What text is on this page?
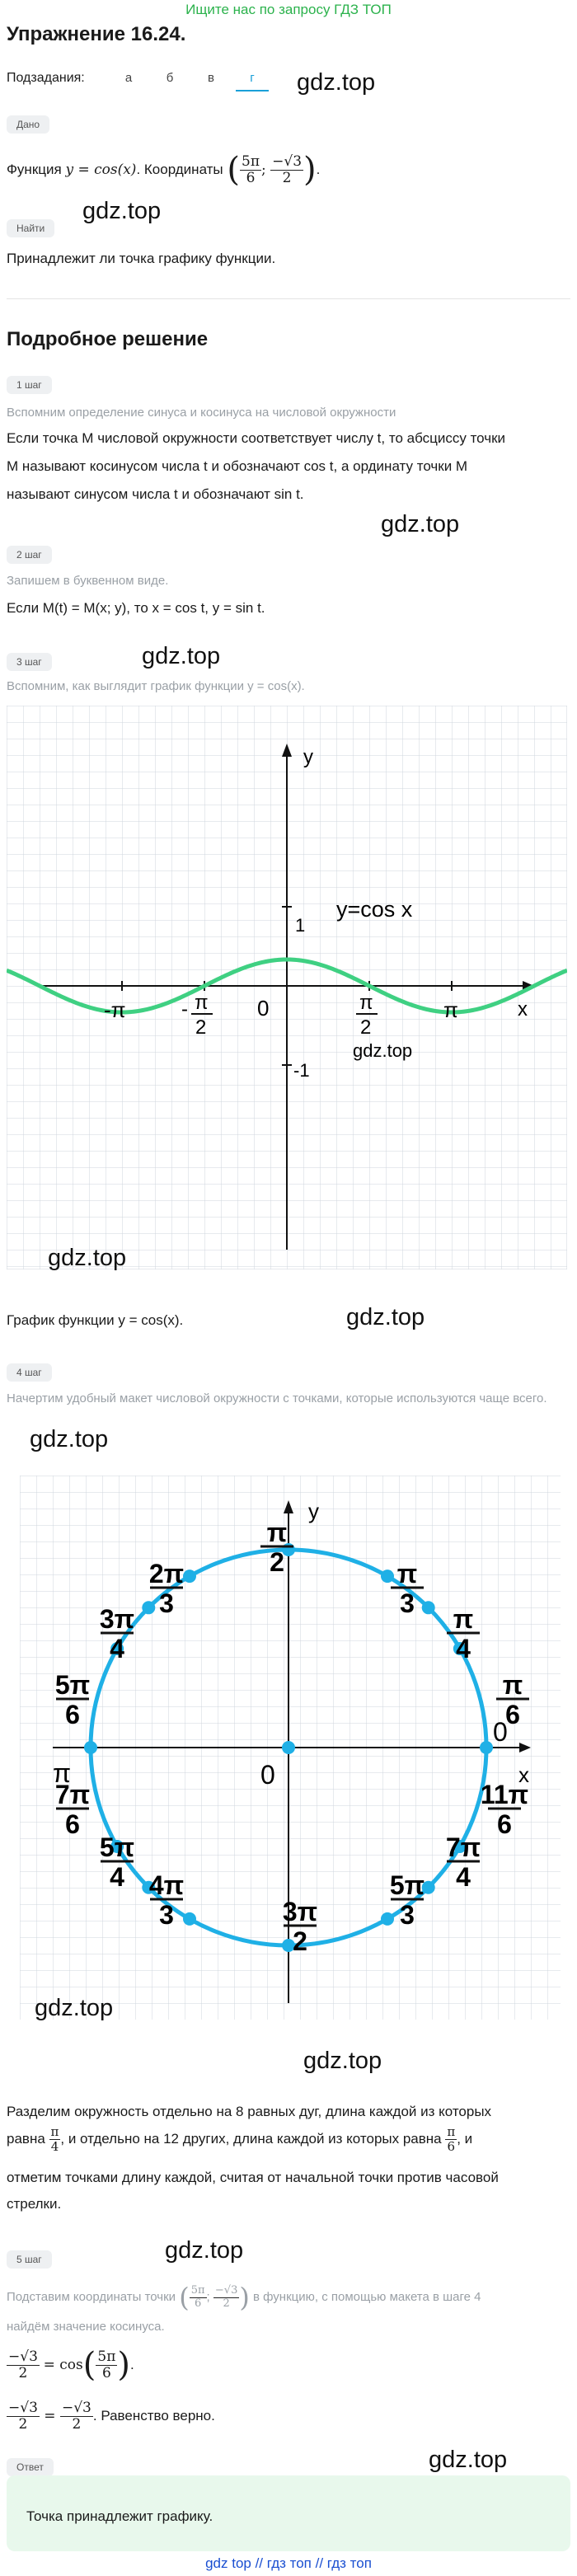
Ищите нас по запросу ГДЗ ТОП
Упражнение 16.24.
Подзадания:	а	б	в	г	gdz.top
Дано
Функция
y = cos(x) . Координаты
( $\frac{5\pi}{6}$ ; $\frac{-√3}{2}$ ) .
Найти
gdz.top
Принадлежит ли точка графику функции.
Подробное решение
1 шаг
Вспомним определение синуса и косинуса на числовой окружности
Если точка M числовой окружности соответствует числу t, то абсциссу точки
M называют косинусом числа t и обозначают cos t, а ординату точки M
называют синусом числа t и обозначают sin t.
gdz.top
2 шаг
Запишем в буквенном виде.
Если M(t) = M(x; y), то x = cos t, y = sin t.
gdz.top
3 шаг
Вспомним, как выглядит график функции y = cos(x).
y
x
y=cos x
0
1
-1
-π	- π
2
π
2
π
gdz.top
gdz.top
График функции y = cos(x).	gdz.top
4 шаг
Начертим удобный макет числовой окружности с точками, которые используются чаще всего.
gdz.top
y
x
0
0
π
π
6
π
4
π
3
π
2
2π
3
3π
4
5π
6
7π
6
5π
4 4π
3	3π
2
5π
3
7π
4
11π
6
gdz.top
gdz.top
Разделим окружность отдельно на 8 равных дуг, длина каждой из которых
равна
$\frac{\pi}{4}$ , и отдельно на 12 других, длина каждой из которых равна
$\frac{\pi}{6}$ , и
отметим точками длину каждой, считая от начальной точки против часовой
стрелки.
5 шаг	gdz.top
Подставим координаты точки
( $\frac{5\pi}{6}$ ; $\frac{-√3}{2}$ )
в функцию, с помощью макета в шаге 4
найдём значение косинуса.
$\frac{-√3}{2}$
= cos ( $\frac{5\pi}{6}$ ) .
$\frac{-√3}{2} = \frac{-√3}{2}$ . Равенство верно.
Ответ	gdz.top
Точка принадлежит графику.
gdz top // гдз топ // гдз топ
